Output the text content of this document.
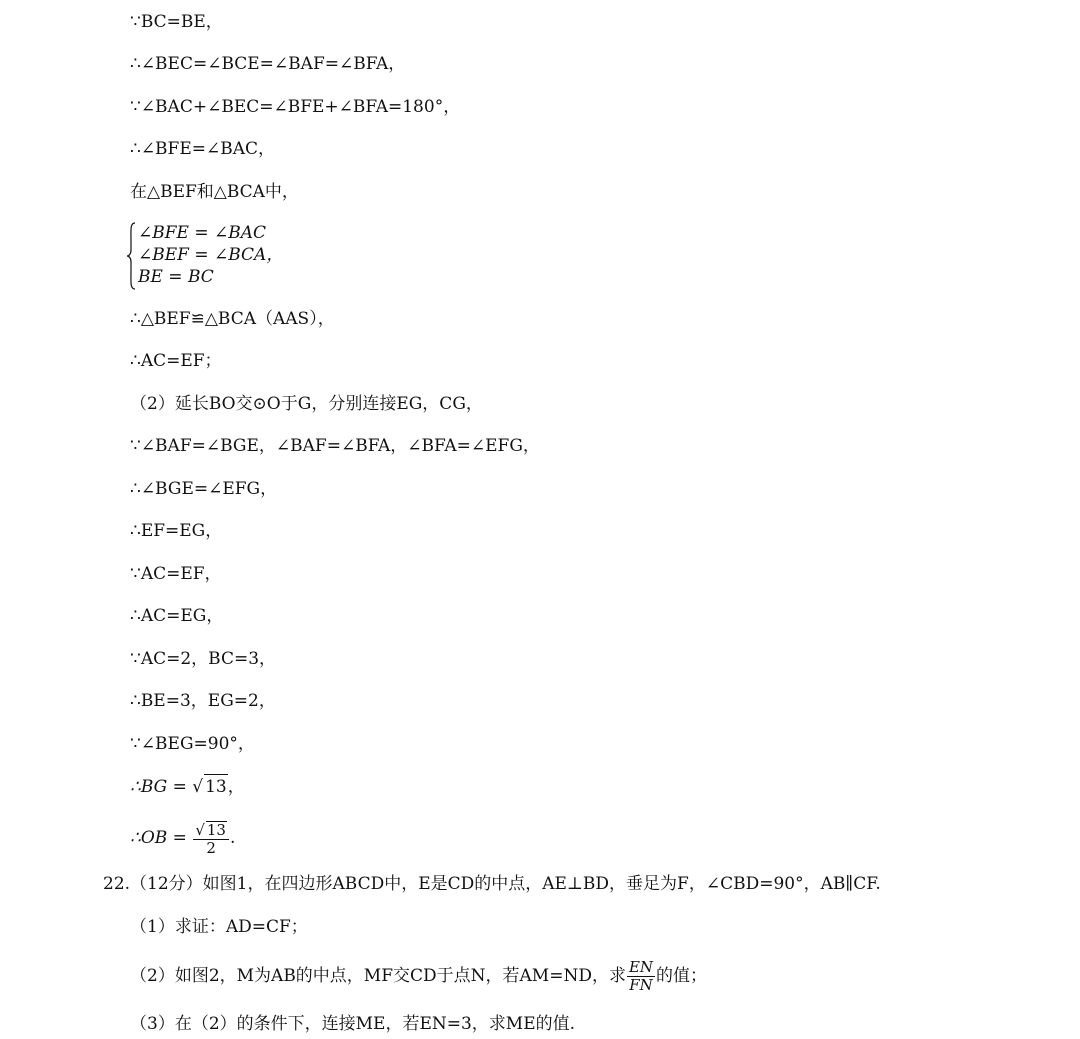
∵BC=BE，
∴∠BEC=∠BCE=∠BAF=∠BFA，
∵∠BAC+∠BEC=∠BFE+∠BFA=180°，
∴∠BFE=∠BAC，
在△BEF和△BCA中，
∠BFE = ∠BAC
∠BEF = ∠BCA，
BE = BC
∴△BEF≌△BCA（AAS），
∴AC=EF；
（2）延长BO交⊙O于G，分别连接EG，CG，
∵∠BAF=∠BGE，∠BAF=∠BFA，∠BFA=∠EFG，
∴∠BGE=∠EFG，
∴EF=EG，
∵AC=EF，
∴AC=EG，
∵AC=2，BC=3，
∴BE=3，EG=2，
∵∠BEG=90°，
∴BG = √ 13，
∴OB = $\frac{√ 13}{2}$ .
22.（12分）如图1，在四边形ABCD中，E是CD的中点，AE⊥BD，垂足为F，∠CBD=90°，AB∥CF.
（1）求证：AD=CF；
（2）如图2，M为AB的中点，MF交CD于点N，若AM=ND，求 $\frac{EN}{FN}$ 的值；
（3）在（2）的条件下，连接ME，若EN=3，求ME的值.
